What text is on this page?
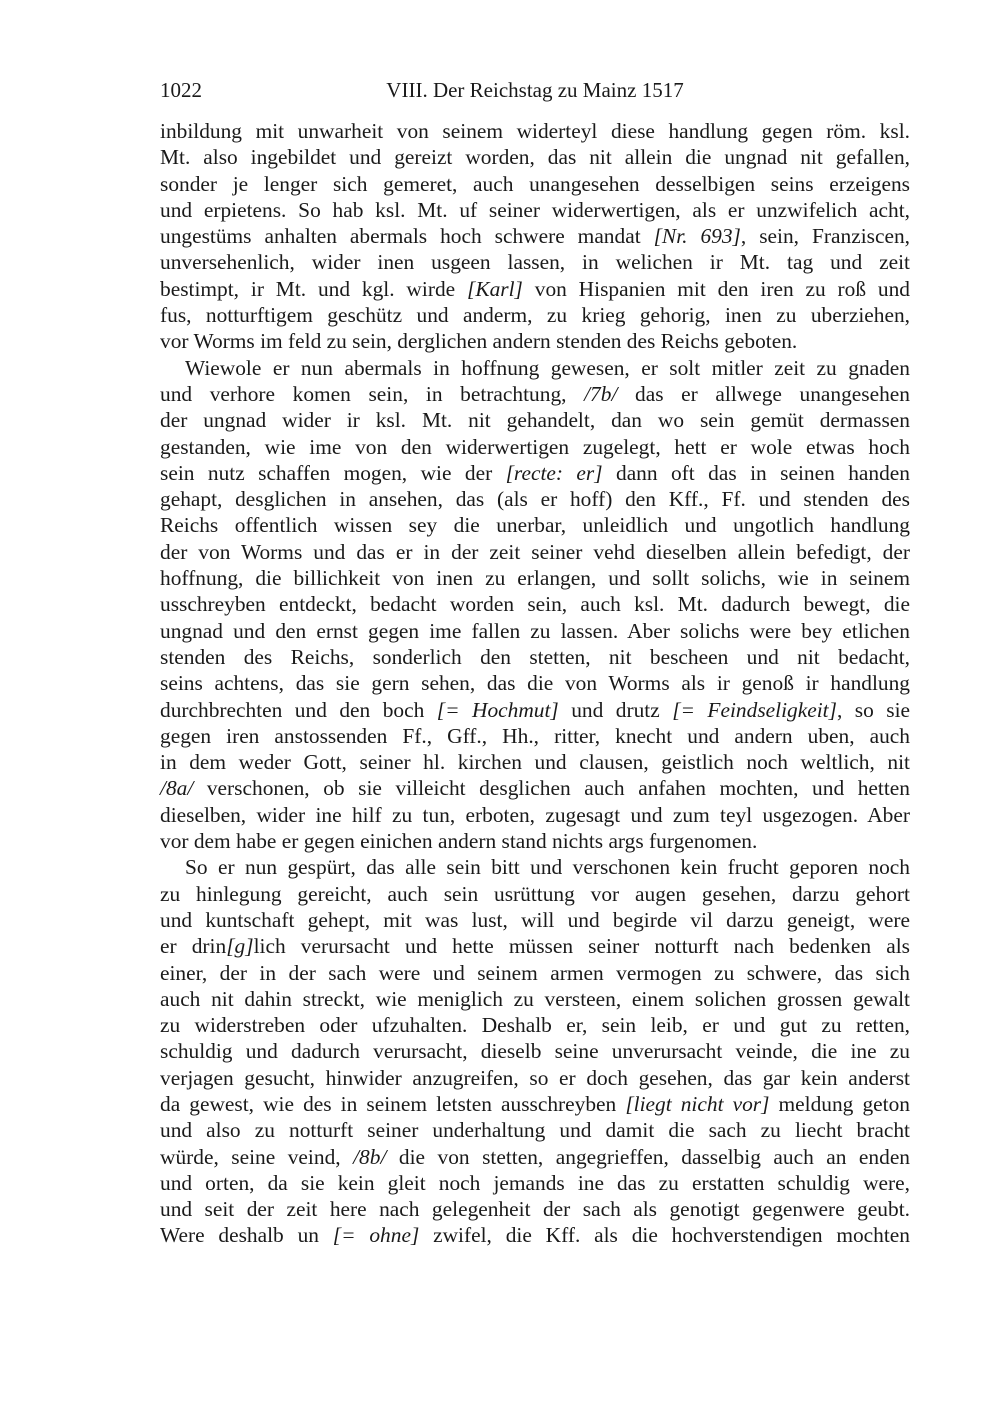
1022	VIII. Der Reichstag zu Mainz 1517
inbildung mit unwarheit von seinem widerteyl diese handlung gegen röm. ksl.
Mt. also ingebildet und gereizt worden, das nit allein die ungnad nit gefallen,
sonder je lenger sich gemeret, auch unangesehen desselbigen seins erzeigens
und erpietens. So hab ksl. Mt. uf seiner widerwertigen, als er unzwifelich acht,
ungestüms anhalten abermals hoch schwere mandat [Nr. 693], sein, Franziscen,
unversehenlich, wider inen usgeen lassen, in welichen ir Mt. tag und zeit
bestimpt, ir Mt. und kgl. wirde [Karl] von Hispanien mit den iren zu roß und
fus, notturftigem geschütz und anderm, zu krieg gehorig, inen zu uberziehen,
vor Worms im feld zu sein, derglichen andern stenden des Reichs geboten.
Wiewole er nun abermals in hoffnung gewesen, er solt mitler zeit zu gnaden
und verhore komen sein, in betrachtung, /7b/ das er allwege unangesehen
der ungnad wider ir ksl. Mt. nit gehandelt, dan wo sein gemüt dermassen
gestanden, wie ime von den widerwertigen zugelegt, hett er wole etwas hoch
sein nutz schaffen mogen, wie der [recte: er] dann oft das in seinen handen
gehapt, desglichen in ansehen, das (als er hoff) den Kff., Ff. und stenden des
Reichs offentlich wissen sey die unerbar, unleidlich und ungotlich handlung
der von Worms und das er in der zeit seiner vehd dieselben allein befedigt, der
hoffnung, die billichkeit von inen zu erlangen, und sollt solichs, wie in seinem
usschreyben entdeckt, bedacht worden sein, auch ksl. Mt. dadurch bewegt, die
ungnad und den ernst gegen ime fallen zu lassen. Aber solichs were bey etlichen
stenden des Reichs, sonderlich den stetten, nit bescheen und nit bedacht,
seins achtens, das sie gern sehen, das die von Worms als ir genoß ir handlung
durchbrechten und den boch [= Hochmut] und drutz [= Feindseligkeit], so sie
gegen iren anstossenden Ff., Gff., Hh., ritter, knecht und andern uben, auch
in dem weder Gott, seiner hl. kirchen und clausen, geistlich noch weltlich, nit
/8a/ verschonen, ob sie villeicht desglichen auch anfahen mochten, und hetten
dieselben, wider ine hilf zu tun, erboten, zugesagt und zum teyl usgezogen. Aber
vor dem habe er gegen einichen andern stand nichts args furgenomen.
So er nun gespürt, das alle sein bitt und verschonen kein frucht geporen noch
zu hinlegung gereicht, auch sein usrüttung vor augen gesehen, darzu gehort
und kuntschaft gehept, mit was lust, will und begirde vil darzu geneigt, were
er drin[g]lich verursacht und hette müssen seiner notturft nach bedenken als
einer, der in der sach were und seinem armen vermogen zu schwere, das sich
auch nit dahin streckt, wie meniglich zu versteen, einem solichen grossen gewalt
zu widerstreben oder ufzuhalten. Deshalb er, sein leib, er und gut zu retten,
schuldig und dadurch verursacht, dieselb seine unverursacht veinde, die ine zu
verjagen gesucht, hinwider anzugreifen, so er doch gesehen, das gar kein anderst
da gewest, wie des in seinem letsten ausschreyben [liegt nicht vor] meldung geton
und also zu notturft seiner underhaltung und damit die sach zu liecht bracht
würde, seine veind, /8b/ die von stetten, angegrieffen, dasselbig auch an enden
und orten, da sie kein gleit noch jemands ine das zu erstatten schuldig were,
und seit der zeit here nach gelegenheit der sach als genotigt gegenwere geubt.
Were deshalb un [= ohne] zwifel, die Kff. als die hochverstendigen mochten
